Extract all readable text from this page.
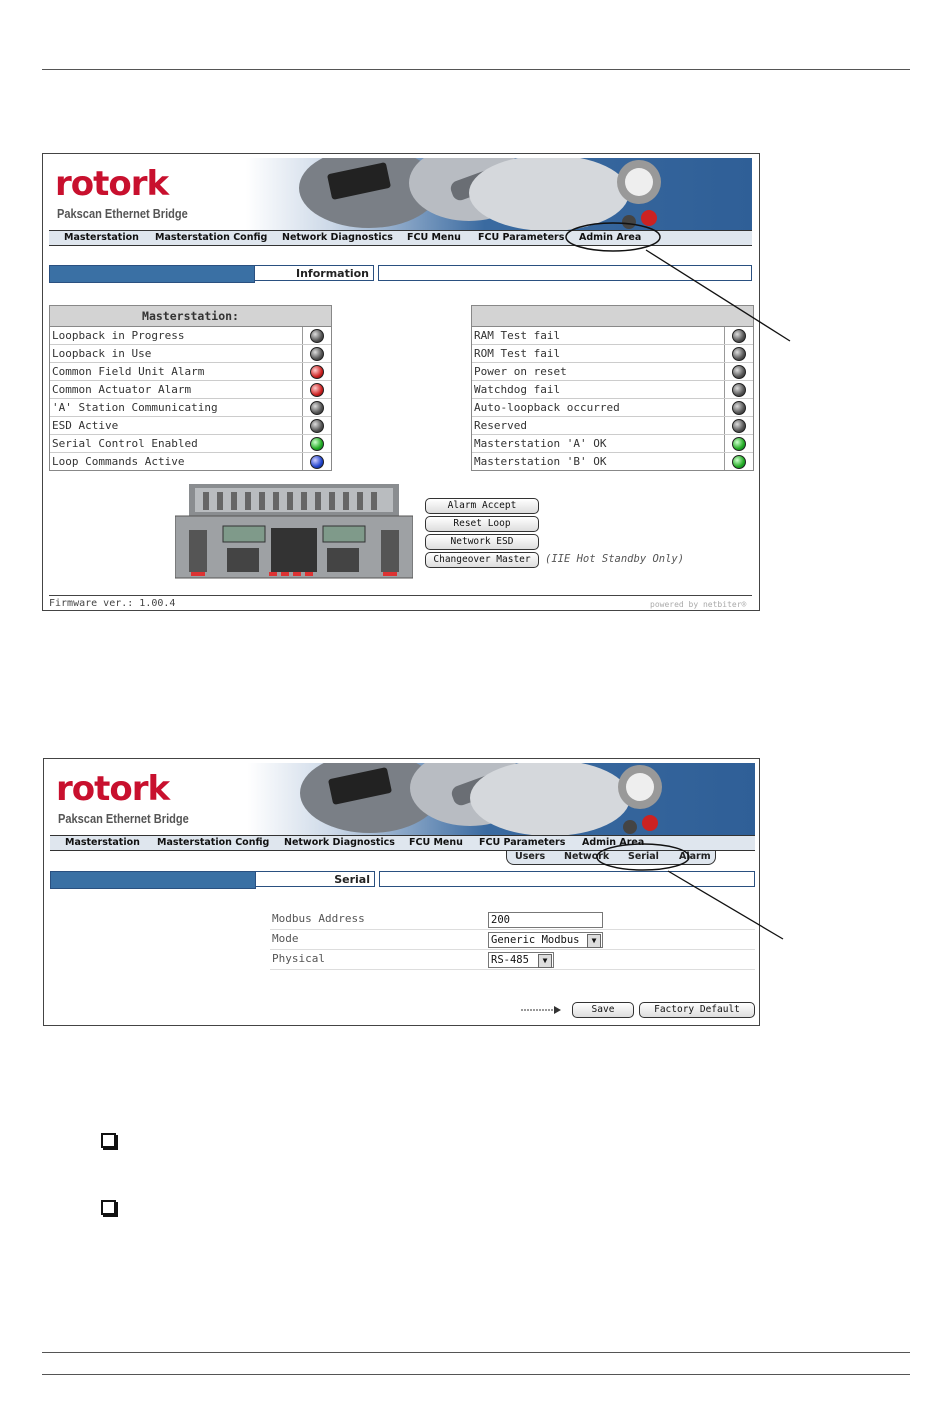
rotork
Pakscan Ethernet Bridge
Masterstation Masterstation Config Network Diagnostics FCU Menu FCU Parameters Admin Area
Information
Masterstation:
Loopback in Progress
Loopback in Use
Common Field Unit Alarm
Common Actuator Alarm
'A' Station Communicating
ESD Active
Serial Control Enabled
Loop Commands Active
RAM Test fail
ROM Test fail
Power on reset
Watchdog fail
Auto-loopback occurred
Reserved
Masterstation 'A' OK
Masterstation 'B' OK
Alarm Accept
Reset Loop
Network ESD
Changeover Master	(IIE Hot Standby Only)
Firmware ver.: 1.00.4	powered by netbiter®
rotork
Pakscan Ethernet Bridge
Masterstation Masterstation Config Network Diagnostics FCU Menu FCU Parameters Admin Area
Users Network Serial Alarm
Serial
Modbus Address	200
Mode	Generic Modbus	▼
Physical	RS-485	▼
Save	Factory Default
